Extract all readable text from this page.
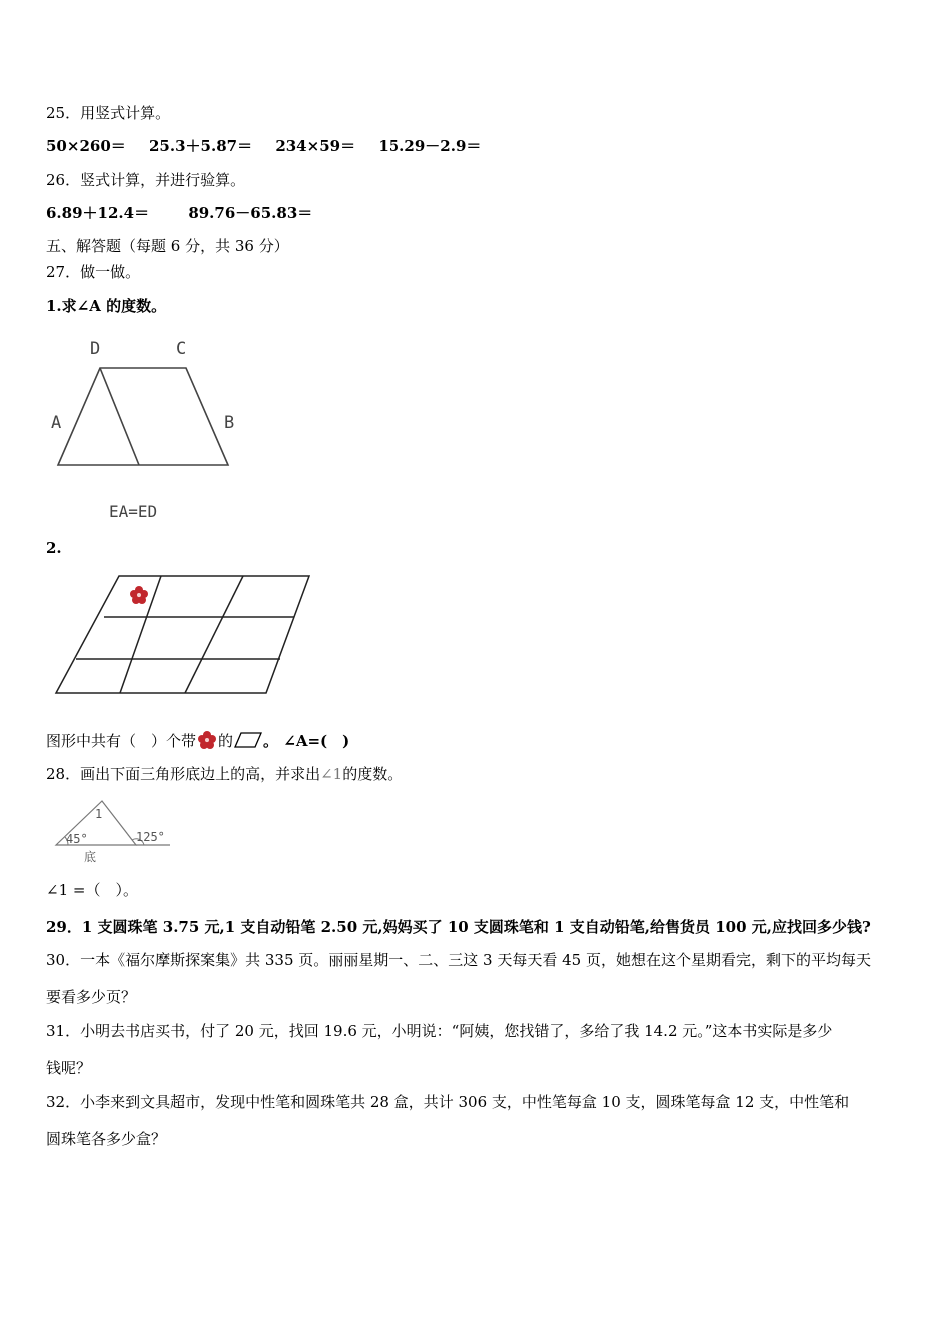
25．用竖式计算。
50×260＝ 25.3＋5.87＝ 234×59＝ 15.29－2.9＝
26．竖式计算，并进行验算。
6.89＋12.4＝	89.76－65.83＝
五、解答题（每题 6 分，共 36 分）
27．做一做。
1.求∠A 的度数。
D	C
A	B
EA=ED
2.
图形中共有（　）个带 的 。 ∠A=(　)
28．画出下面三角形底边上的高，并求出∠1的度数。
1
45°	125°
底
∠1 =（　）。
29．1 支圆珠笔 3.75 元,1 支自动铅笔 2.50 元,妈妈买了 10 支圆珠笔和 1 支自动铅笔,给售货员 100 元,应找回多少钱?
30．一本《福尔摩斯探案集》共 335 页。丽丽星期一、二、三这 3 天每天看 45 页，她想在这个星期看完，剩下的平均每天
要看多少页？
31．小明去书店买书，付了 20 元，找回 19.6 元，小明说：“阿姨，您找错了，多给了我 14.2 元。”这本书实际是多少
钱呢？
32．小李来到文具超市，发现中性笔和圆珠笔共 28 盒，共计 306 支，中性笔每盒 10 支，圆珠笔每盒 12 支，中性笔和
圆珠笔各多少盒？
